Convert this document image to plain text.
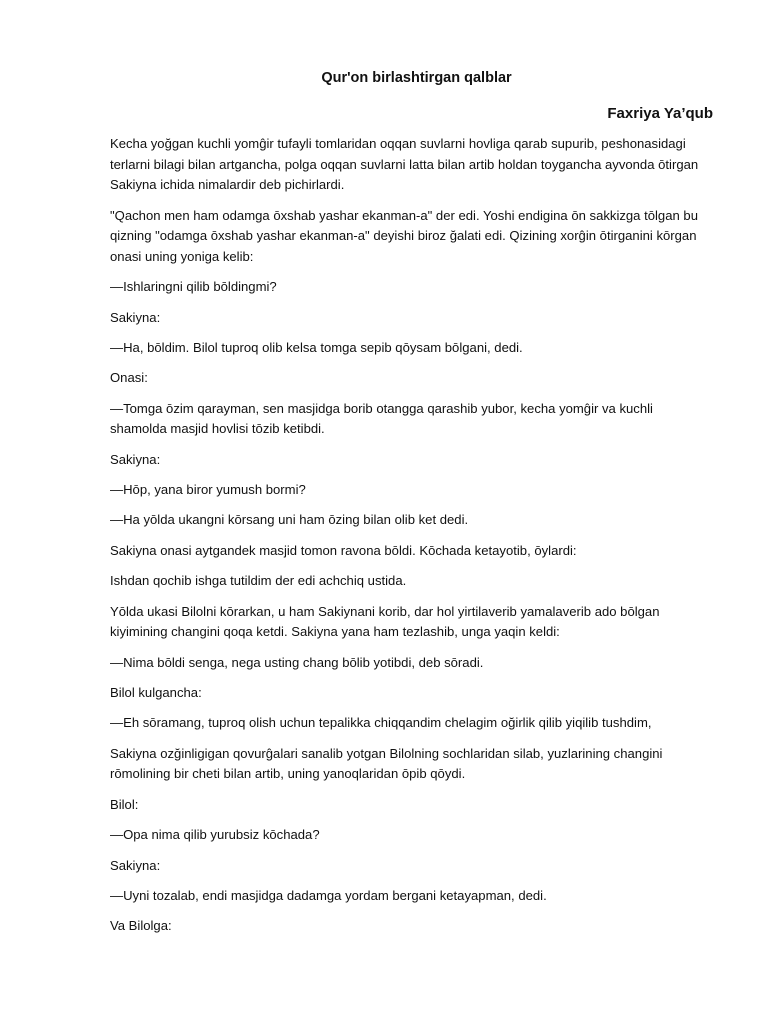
Qur'on birlashtirgan qalblar
Faxriya Ya’qub

Kecha yoğgan kuchli yomĝir tufayli tomlaridan oqqan suvlarni hovliga qarab supurib, peshonasidagi terlarni bilagi bilan artgancha, polga oqqan suvlarni latta bilan artib holdan toygancha ayvonda ōtirgan Sakiyna ichida nimalardir deb pichirlardi.

"Qachon men ham odamga ōxshab yashar ekanman-a" der edi. Yoshi endigina ōn sakkizga tōlgan bu qizning "odamga ōxshab yashar ekanman-a" deyishi biroz ğalati edi. Qizining xorĝin ōtirganini kōrgan onasi uning yoniga kelib:

—Ishlaringni qilib bōldingmi?

Sakiyna:

—Ha, bōldim. Bilol tuproq olib kelsa tomga sepib qōysam bōlgani, dedi.

Onasi:

—Tomga ōzim qarayman, sen masjidga borib otangga qarashib yubor, kecha yomĝir va kuchli shamolda masjid hovlisi tōzib ketibdi.

Sakiyna:

—Hōp, yana biror yumush bormi?

—Ha yōlda ukangni kōrsang uni ham ōzing bilan olib ket dedi.

Sakiyna onasi aytgandek masjid tomon ravona bōldi. Kōchada ketayotib, ōylardi:

Ishdan qochib ishga tutildim der edi achchiq ustida.

Yōlda ukasi Bilolni kōrarkan, u ham Sakiynani korib, dar hol yirtilaverib yamalaverib ado bōlgan kiyimining changini qoqa ketdi. Sakiyna yana ham tezlashib, unga yaqin keldi:

—Nima bōldi senga, nega usting chang bōlib yotibdi, deb sōradi.

Bilol kulgancha:

—Eh sōramang, tuproq olish uchun tepalikka chiqqandim chelagim oğirlik qilib yiqilib tushdim,

Sakiyna ozğinligigan qovurĝalari sanalib yotgan Bilolning sochlaridan silab, yuzlarining changini rōmolining bir cheti bilan artib, uning yanoqlaridan ōpib qōydi.

Bilol:

—Opa nima qilib yurubsiz kōchada?

Sakiyna:

—Uyni tozalab, endi masjidga dadamga yordam bergani ketayapman, dedi.

Va Bilolga:
